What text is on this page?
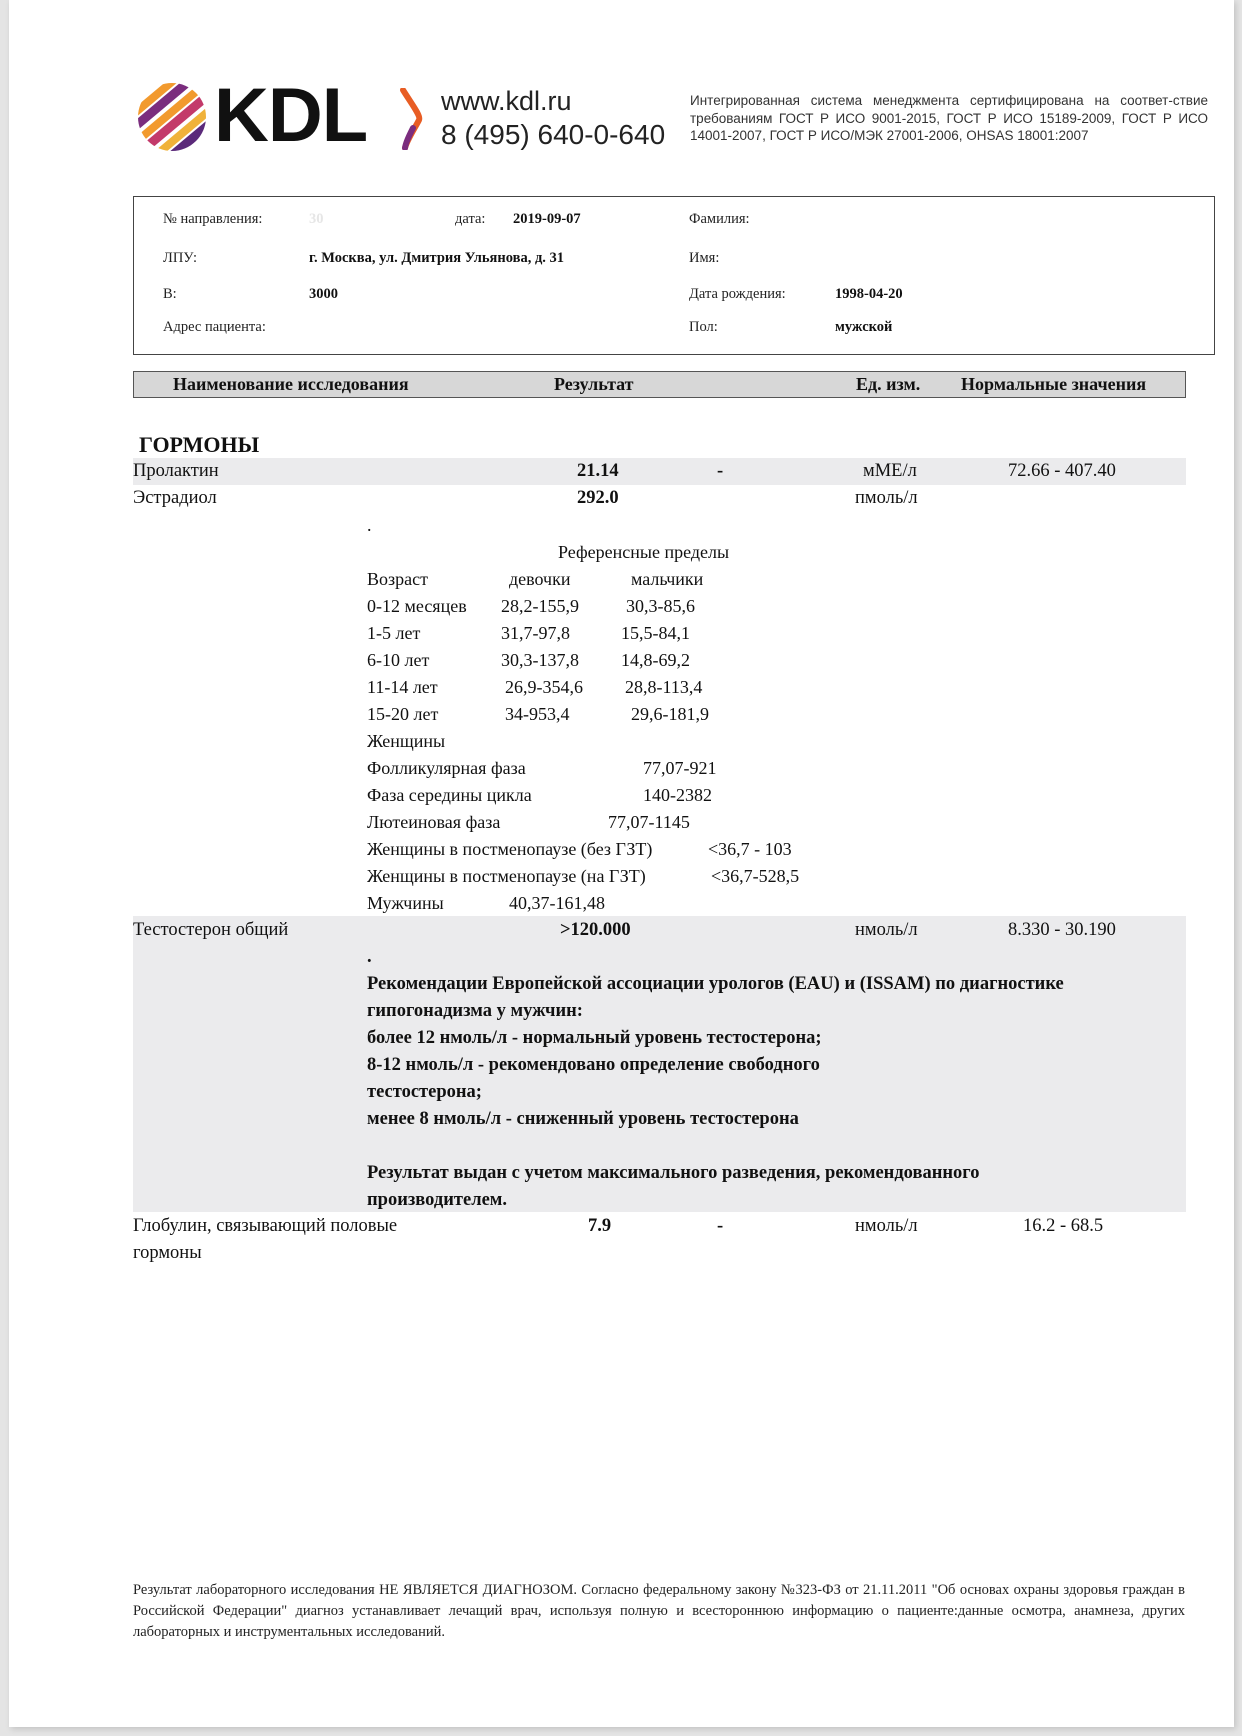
KDL	www.kdl.ru
8 (495) 640-0-640
Интегрированная система менеджмента сертифицирована на соответ-ствие требованиям ГОСТ Р ИСО 9001-2015, ГОСТ Р ИСО 15189-2009, ГОСТ Р ИСО 14001-2007, ГОСТ Р ИСО/МЭК 27001-2006, OHSAS 18001:2007
№ направления:	30	дата: 2019-09-07	Фамилия:
ЛПУ:	г. Москва, ул. Дмитрия Ульянова, д. 31	Имя:
В:	3000	Дата рождения:	1998-04-20
Адрес пациента:	Пол:	мужской
Наименование исследования	Результат	Ед. изм. Нормальные значения
ГОРМОНЫ
Пролактин	21.14	-	мМЕ/л	72.66 - 407.40
Эстрадиол	292.0	пмоль/л
.
Референсные пределы
Возраст	девочки	мальчики
0-12 месяцев 28,2-155,9	30,3-85,6
1-5 лет	31,7-97,8	15,5-84,1
6-10 лет	30,3-137,8 14,8-69,2
11-14 лет	26,9-354,6 28,8-113,4
15-20 лет	34-953,4	29,6-181,9
Женщины
Фолликулярная фаза	77,07-921
Фаза середины цикла	140-2382
Лютеиновая фаза	77,07-1145
Женщины в постменопаузе (без ГЗТ)	<36,7 - 103
Женщины в постменопаузе (на ГЗТ)	<36,7-528,5
Мужчины	40,37-161,48
Тестостерон общий	>120.000	нмоль/л	8.330 - 30.190
.
Рекомендации Европейской ассоциации урологов (EAU) и (ISSAM) по диагностике
гипогонадизма у мужчин:
более 12 нмоль/л - нормальный уровень тестостерона;
8-12 нмоль/л - рекомендовано определение свободного
тестостерона;
менее 8 нмоль/л - сниженный уровень тестостерона
Результат выдан с учетом максимального разведения, рекомендованного
производителем.
Глобулин, связывающий половые
гормоны
7.9	-	нмоль/л	16.2 - 68.5
Результат лабораторного исследования НЕ ЯВЛЯЕТСЯ ДИАГНОЗОМ. Согласно федеральному закону №323-ФЗ от 21.11.2011 "Об основах охраны здоровья граждан в Российской Федерации" диагноз устанавливает лечащий врач, используя полную и всестороннюю информацию о пациенте:данные осмотра, анамнеза, других лабораторных и инструментальных исследований.
